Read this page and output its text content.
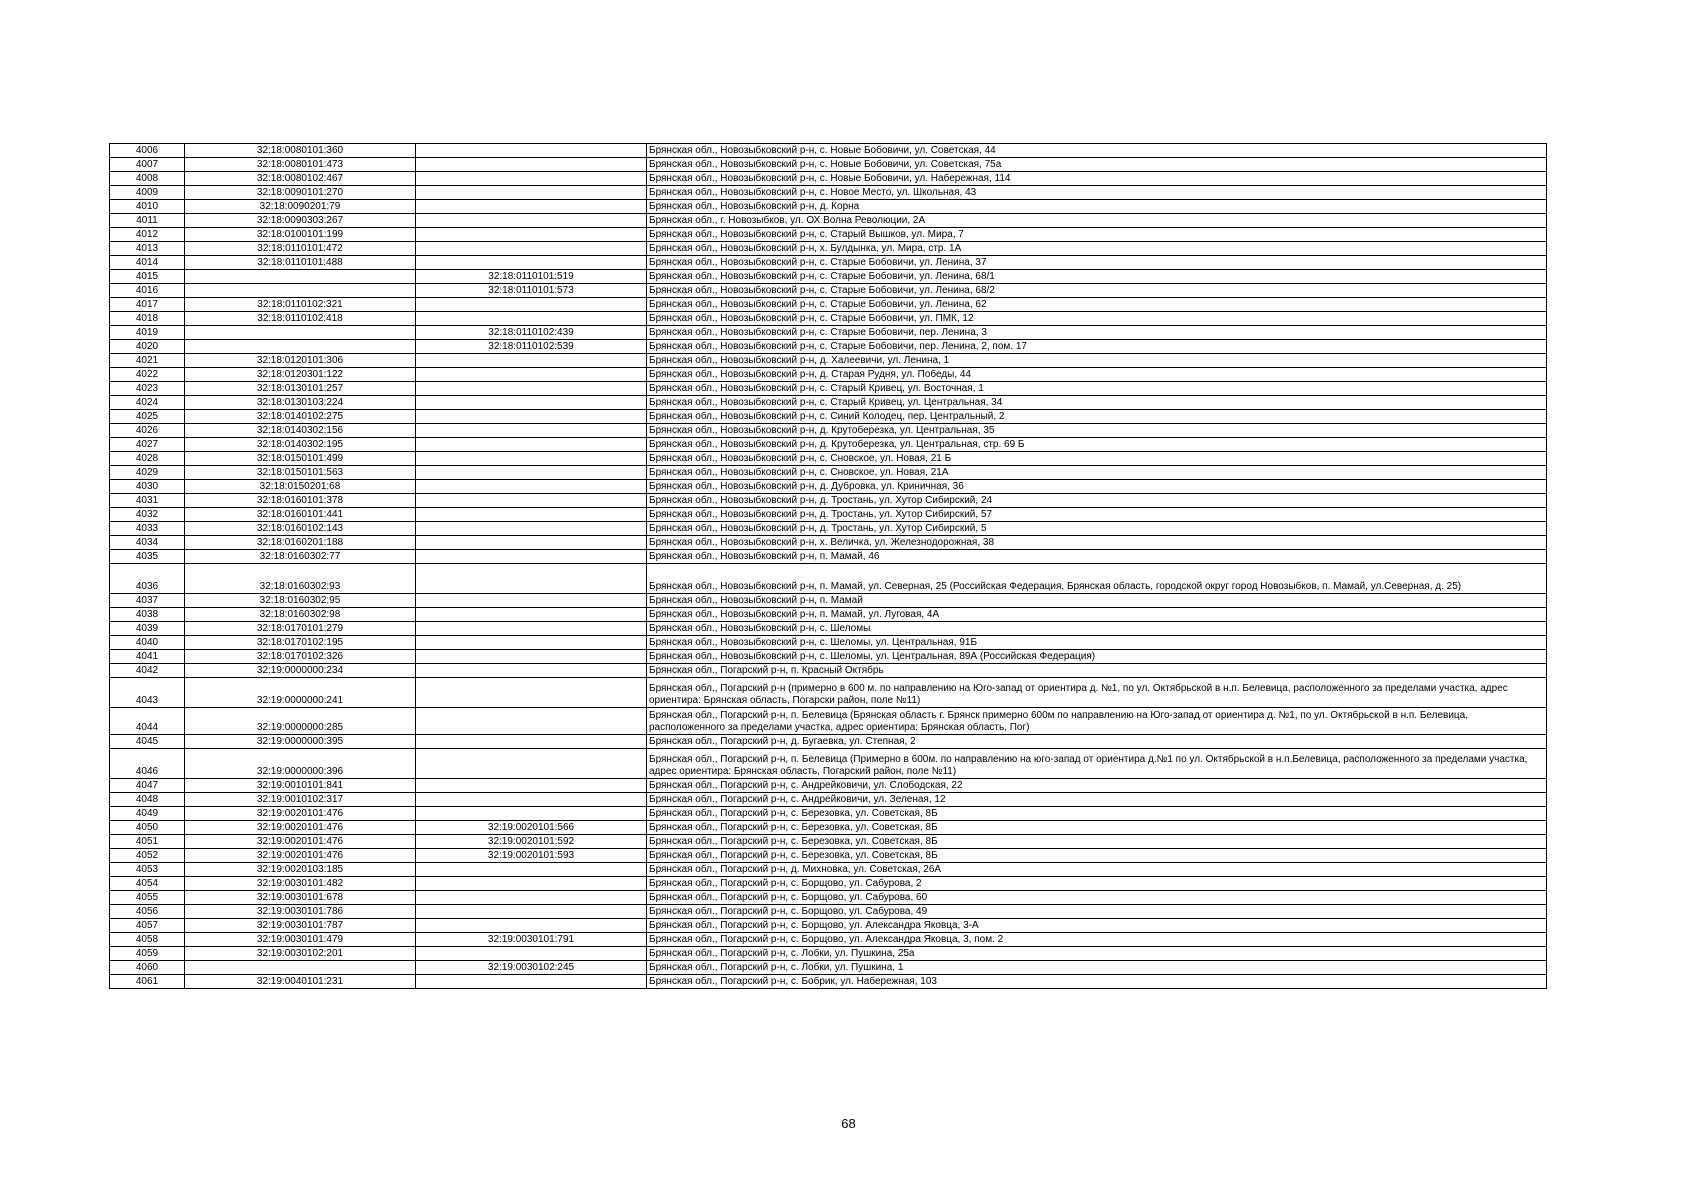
4006	32:18:0080101:360		Брянская обл., Новозыбковский р-н, с. Новые Бобовичи, ул. Советская, 44
4007	32:18:0080101:473		Брянская обл., Новозыбковский р-н, с. Новые Бобовичи, ул. Советская, 75а
4008	32:18:0080102:467		Брянская обл., Новозыбковский р-н, с. Новые Бобовичи, ул. Набережная, 114
4009	32:18:0090101:270		Брянская обл., Новозыбковский р-н, с. Новое Место, ул. Школьная, 43
4010	32:18:0090201:79		Брянская обл., Новозыбковский р-н, д. Корна
4011	32:18:0090303:267		Брянская обл., г. Новозыбков, ул. ОХ Волна Революции, 2А
4012	32:18:0100101:199		Брянская обл., Новозыбковский р-н, с. Старый Вышков, ул. Мира, 7
4013	32:18:0110101:472		Брянская обл., Новозыбковский р-н, х. Булдынка, ул. Мира, стр. 1А
4014	32:18:0110101:488		Брянская обл., Новозыбковский р-н, с. Старые Бобовичи, ул. Ленина, 37
4015		32:18:0110101:519	Брянская обл., Новозыбковский р-н, с. Старые Бобовичи, ул. Ленина, 68/1
4016		32:18:0110101:573	Брянская обл., Новозыбковский р-н, с. Старые Бобовичи, ул. Ленина, 68/2
4017	32:18:0110102:321		Брянская обл., Новозыбковский р-н, с. Старые Бобовичи, ул. Ленина, 62
4018	32:18:0110102:418		Брянская обл., Новозыбковский р-н, с. Старые Бобовичи, ул. ПМК, 12
4019		32:18:0110102:439	Брянская обл., Новозыбковский р-н, с. Старые Бобовичи, пер. Ленина, 3
4020		32:18:0110102:539	Брянская обл., Новозыбковский р-н, с. Старые Бобовичи, пер. Ленина, 2, пом. 17
4021	32:18:0120101:306		Брянская обл., Новозыбковский р-н, д. Халеевичи, ул. Ленина, 1
4022	32:18:0120301:122		Брянская обл., Новозыбковский р-н, д. Старая Рудня, ул. Победы, 44
4023	32:18:0130101:257		Брянская обл., Новозыбковский р-н, с. Старый Кривец, ул. Восточная, 1
4024	32:18:0130103:224		Брянская обл., Новозыбковский р-н, с. Старый Кривец, ул. Центральная, 34
4025	32:18:0140102:275		Брянская обл., Новозыбковский р-н, с. Синий Колодец, пер. Центральный, 2
4026	32:18:0140302:156		Брянская обл., Новозыбковский р-н, д. Крутоберезка, ул. Центральная, 35
4027	32:18:0140302:195		Брянская обл., Новозыбковский р-н, д. Крутоберезка, ул. Центральная, стр. 69 Б
4028	32:18:0150101:499		Брянская обл., Новозыбковский р-н, с. Сновское, ул. Новая, 21 Б
4029	32:18:0150101:563		Брянская обл., Новозыбковский р-н, с. Сновское, ул. Новая, 21А
4030	32:18:0150201:68		Брянская обл., Новозыбковский р-н, д. Дубровка, ул. Криничная, 36
4031	32:18:0160101:378		Брянская обл., Новозыбковский р-н, д. Тростань, ул. Хутор Сибирский, 24
4032	32:18:0160101:441		Брянская обл., Новозыбковский р-н, д. Тростань, ул. Хутор Сибирский, 57
4033	32:18:0160102:143		Брянская обл., Новозыбковский р-н, д. Тростань, ул. Хутор Сибирский, 5
4034	32:18:0160201:188		Брянская обл., Новозыбковский р-н, х. Величка, ул. Железнодорожная, 38
4035	32:18:0160302:77		Брянская обл., Новозыбковский р-н, п. Мамай, 46
4036	32:18:0160302:93		Брянская обл., Новозыбковский р-н, п. Мамай, ул. Северная, 25 (Российская Федерация, Брянская область, городской округ город Новозыбков, п. Мамай, ул.Северная, д. 25)
4037	32:18:0160302:95		Брянская обл., Новозыбковский р-н, п. Мамай
4038	32:18:0160302:98		Брянская обл., Новозыбковский р-н, п. Мамай, ул. Луговая, 4А
4039	32:18:0170101:279		Брянская обл., Новозыбковский р-н, с. Шеломы
4040	32:18:0170102:195		Брянская обл., Новозыбковский р-н, с. Шеломы, ул. Центральная, 91Б
4041	32:18:0170102:326		Брянская обл., Новозыбковский р-н, с. Шеломы, ул. Центральная, 89А (Российская Федерация)
4042	32:19:0000000:234		Брянская обл., Погарский р-н, п. Красный Октябрь
4043	32:19:0000000:241		Брянская обл., Погарский р-н (примерно в 600 м. по направлению на Юго-запад от ориентира д. №1, по ул. Октябрьской в н.п. Белевица, расположенного за пределами участка, адрес ориентира: Брянская область, Погарски район, поле №11)
4044	32:19:0000000:285		Брянская обл., Погарский р-н, п. Белевица (Брянская область г. Брянск примерно 600м по направлению на Юго-запад от ориентира д. №1, по ул. Октябрьской в н.п. Белевица, расположенного за пределами участка, адрес ориентира: Брянская область, Пог)
4045	32:19:0000000:395		Брянская обл., Погарский р-н, д. Бугаевка, ул. Степная, 2
4046	32:19:0000000:396		Брянская обл., Погарский р-н, п. Белевица (Примерно в 600м. по направлению на юго-запад от ориентира д.№1 по ул. Октябрьской в н.п.Белевица, расположенного за пределами участка, адрес ориентира: Брянская область, Погарский район, поле №11)
4047	32:19:0010101:841		Брянская обл., Погарский р-н, с. Андрейковичи, ул. Слободская, 22
4048	32:19:0010102:317		Брянская обл., Погарский р-н, с. Андрейковичи, ул. Зеленая, 12
4049	32:19:0020101:476		Брянская обл., Погарский р-н, с. Березовка, ул. Советская, 8Б
4050	32:19:0020101:476	32:19:0020101:566	Брянская обл., Погарский р-н, с. Березовка, ул. Советская, 8Б
4051	32:19:0020101:476	32:19:0020101:592	Брянская обл., Погарский р-н, с. Березовка, ул. Советская, 8Б
4052	32:19:0020101:476	32:19:0020101:593	Брянская обл., Погарский р-н, с. Березовка, ул. Советская, 8Б
4053	32:19:0020103:185		Брянская обл., Погарский р-н, д. Михновка, ул. Советская, 26А
4054	32:19:0030101:482		Брянская обл., Погарский р-н, с. Борщово, ул. Сабурова, 2
4055	32:19:0030101:678		Брянская обл., Погарский р-н, с. Борщово, ул. Сабурова, 60
4056	32:19:0030101:786		Брянская обл., Погарский р-н, с. Борщово, ул. Сабурова, 49
4057	32:19:0030101:787		Брянская обл., Погарский р-н, с. Борщово, ул. Александра Яковца, 3-А
4058	32:19:0030101:479	32:19:0030101:791	Брянская обл., Погарский р-н, с. Борщово, ул. Александра Яковца, 3, пом. 2
4059	32:19:0030102:201		Брянская обл., Погарский р-н, с. Лобки, ул. Пушкина, 25а
4060		32:19:0030102:245	Брянская обл., Погарский р-н, с. Лобки, ул. Пушкина, 1
4061	32:19:0040101:231		Брянская обл., Погарский р-н, с. Бобрик, ул. Набережная, 103
68
